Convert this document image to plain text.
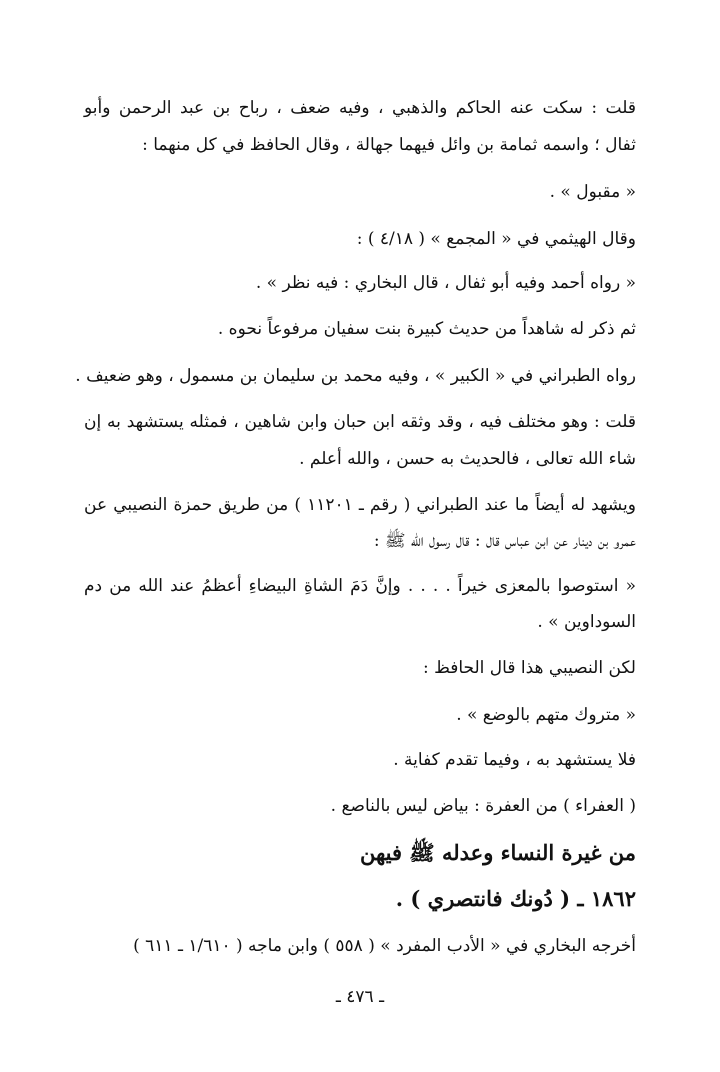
قلت : سكت عنه الحاكم والذهبي ، وفيه ضعف ، رباح بن عبد الرحمن وأبو
ثفال ؛ واسمه ثمامة بن وائل فيهما جهالة ، وقال الحافظ في كل منهما :
« مقبول » .
وقال الهيثمي في « المجمع » ( ٤/١٨ ) :
« رواه أحمد وفيه أبو ثفال ، قال البخاري : فيه نظر » .
ثم ذكر له شاهداً من حديث كبيرة بنت سفيان مرفوعاً نحوه .
رواه الطبراني في « الكبير » ، وفيه محمد بن سليمان بن مسمول ، وهو ضعيف .
قلت : وهو مختلف فيه ، وقد وثقه ابن حبان وابن شاهين ، فمثله يستشهد به إن
شاء الله تعالى ، فالحديث به حسن ، والله أعلم .
ويشهد له أيضاً ما عند الطبراني ( رقم ـ ١١٢٠١ ) من طريق حمزة النصيبي عن
عمرو بن دينار عن ابن عباس قال : قال رسول الله ﷺ :
« استوصوا بالمعزى خيراً . . . . وإنَّ دَمَ الشاةِ البيضاءِ أعظمُ عند الله من دم
السوداوين » .
لكن النصيبي هذا قال الحافظ :
« متروك متهم بالوضع » .
فلا يستشهد به ، وفيما تقدم كفاية .
( العفراء ) من العفرة : بياض ليس بالناصع .
من غيرة النساء وعدله ﷺ فيهن
١٨٦٢ ـ ( دُونك فانتصري ) .
أخرجه البخاري في « الأدب المفرد » ( ٥٥٨ ) وابن ماجه ( ١/٦١٠ ـ ٦١١ )
ـ ٤٧٦ ـ
